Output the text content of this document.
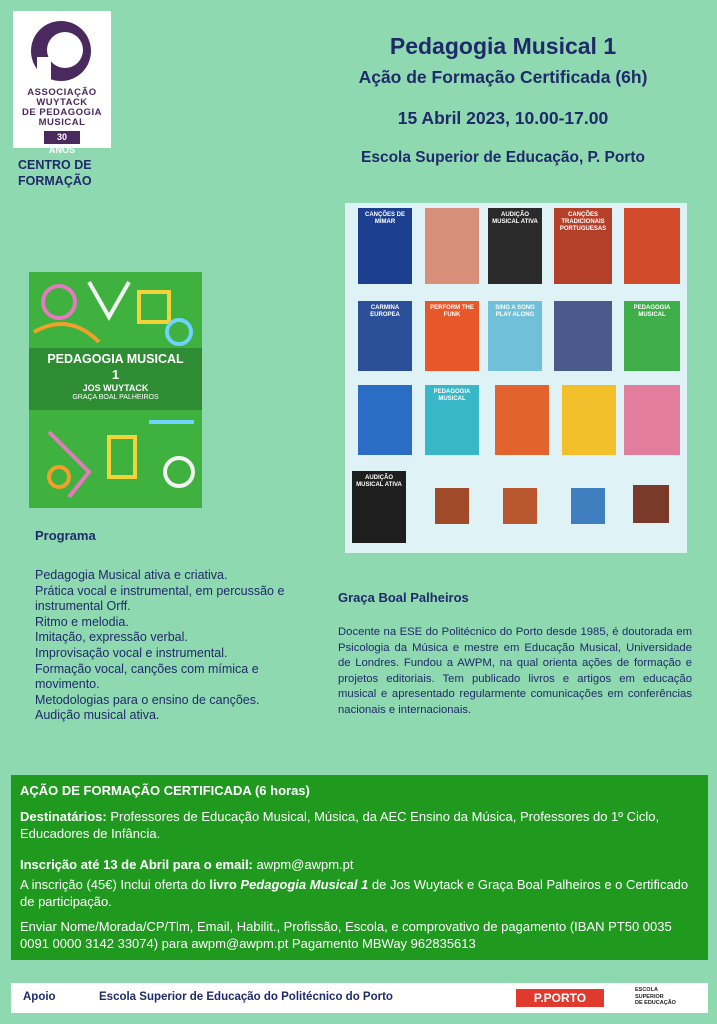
ASSOCIAÇÃO
WUYTACK
DE PEDAGOGIA
MUSICAL
30 ANOS
CENTRO DE FORMAÇÃO
Pedagogia Musical 1
Ação de Formação Certificada (6h)
15 Abril 2023, 10.00-17.00
Escola Superior de Educação, P. Porto
PEDAGOGIA MUSICAL
1
JOS WUYTACK
GRAÇA BOAL PALHEIROS
CANÇÕES DE MIMAR
AUDIÇÃO MUSICAL ATIVA
CANÇÕES TRADICIONAIS PORTUGUESAS
CARMINA EUROPEA
PERFORM THE FUNK
SING A SONG PLAY ALONG
PEDAGOGIA MUSICAL
PEDAGOGIA MUSICAL
AUDIÇÃO MUSICAL ATIVA
Programa
Pedagogia Musical ativa e criativa.
Prática vocal e instrumental, em percussão e instrumental Orff.
Ritmo e melodia.
Imitação, expressão verbal.
Improvisação vocal e instrumental.
Formação vocal, canções com mímica e movimento.
Metodologias para o ensino de canções.
Audição musical ativa.
Graça Boal Palheiros

Docente na ESE do Politécnico do Porto desde 1985, é doutorada em Psicologia da Música e mestre em Educação Musical, Universidade de Londres. Fundou a AWPM, na qual orienta ações de formação e projetos editoriais. Tem publicado livros e artigos em educação musical e apresentado regularmente comunicações em conferências nacionais e internacionais.

AÇÃO DE FORMAÇÃO CERTIFICADA (6 horas)

Destinatários: Professores de Educação Musical, Música, da AEC Ensino da Música, Professores do 1º Ciclo, Educadores de Infância.

Inscrição até 13 de Abril para o email: awpm@awpm.pt

A inscrição (45€) Inclui oferta do livro Pedagogia Musical 1 de Jos Wuytack e Graça Boal Palheiros e o Certificado de participação.

Enviar Nome/Morada/CP/Tlm, Email, Habilit., Profissão, Escola, e comprovativo de pagamento (IBAN PT50 0035 0091 0000 3142 33074) para awpm@awpm.pt Pagamento MBWay 962835613

Apoio	Escola Superior de Educação do Politécnico do Porto	P.PORTO
ESCOLA
SUPERIOR
DE EDUCAÇÃO
